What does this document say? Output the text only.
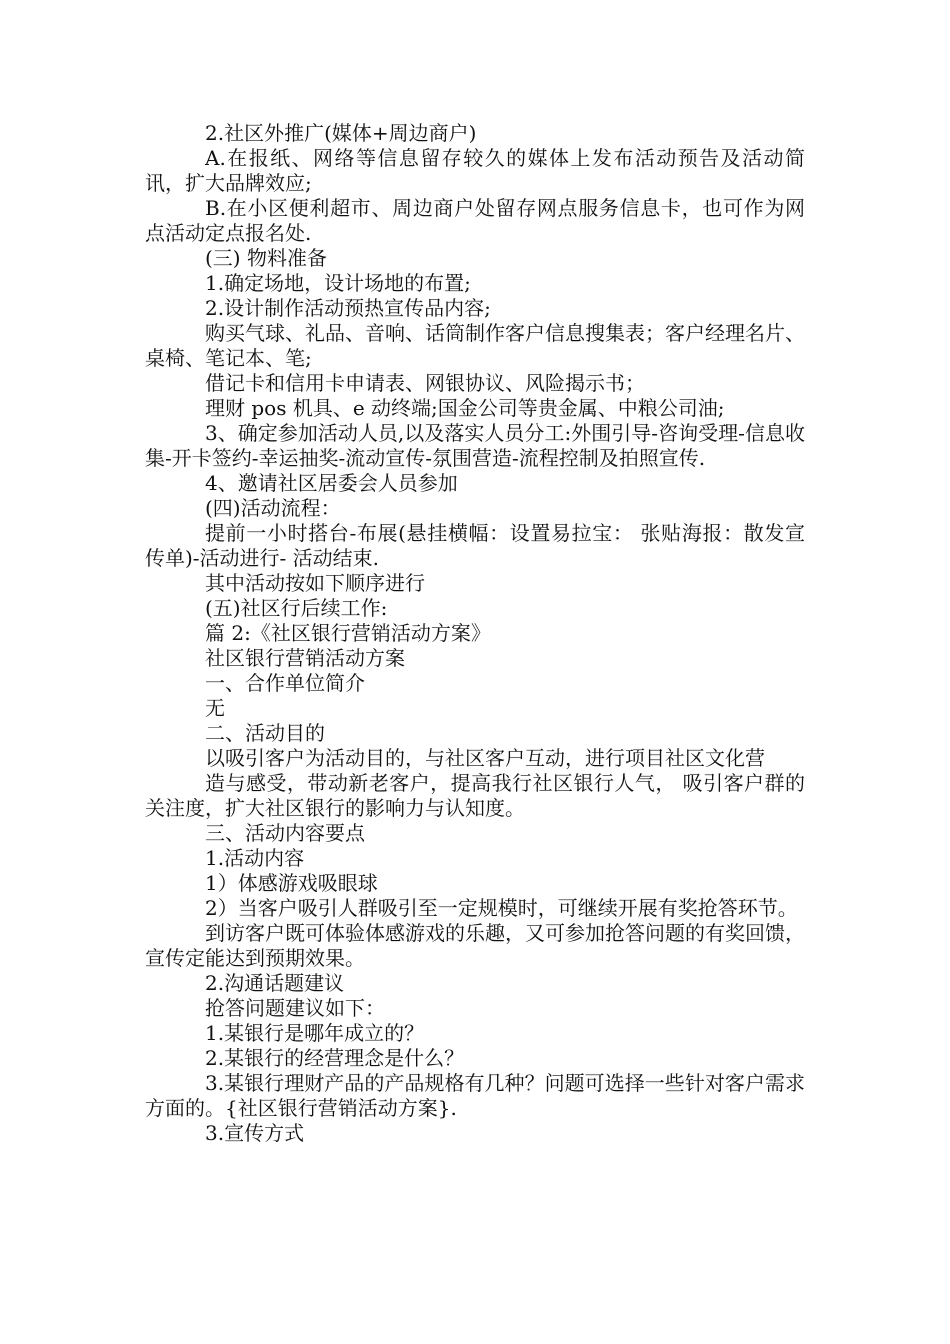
2.社区外推广(媒体+周边商户)

A.在报纸、网络等信息留存较久的媒体上发布活动预告及活动简讯，扩大品牌效应;

B.在小区便利超市、周边商户处留存网点服务信息卡，也可作为网点活动定点报名处.

(三) 物料准备

1.确定场地，设计场地的布置;

2.设计制作活动预热宣传品内容;

购买气球、礼品、音响、话筒制作客户信息搜集表；客户经理名片、桌椅、笔记本、笔;

借记卡和信用卡申请表、网银协议、风险揭示书；

理财 pos 机具、e 动终端;国金公司等贵金属、中粮公司油;

3、确定参加活动人员,以及落实人员分工:外围引导-咨询受理-信息收集-开卡签约-幸运抽奖-流动宣传-氛围营造-流程控制及拍照宣传.

4、邀请社区居委会人员参加

(四)活动流程：

提前一小时搭台-布展(悬挂横幅：设置易拉宝： 张贴海报：散发宣传单)-活动进行- 活动结束.

其中活动按如下顺序进行

(五)社区行后续工作:

篇 2:《社区银行营销活动方案》

社区银行营销活动方案

一、合作单位简介

无

二、活动目的

以吸引客户为活动目的，与社区客户互动，进行项目社区文化营

造与感受，带动新老客户，提高我行社区银行人气， 吸引客户群的关注度，扩大社区银行的影响力与认知度。

三、活动内容要点

1.活动内容

1）体感游戏吸眼球

2）当客户吸引人群吸引至一定规模时，可继续开展有奖抢答环节。

到访客户既可体验体感游戏的乐趣，又可参加抢答问题的有奖回馈，宣传定能达到预期效果。

2.沟通话题建议

抢答问题建议如下：

1.某银行是哪年成立的？

2.某银行的经营理念是什么？

3.某银行理财产品的产品规格有几种？问题可选择一些针对客户需求方面的。{社区银行营销活动方案}.

3.宣传方式
